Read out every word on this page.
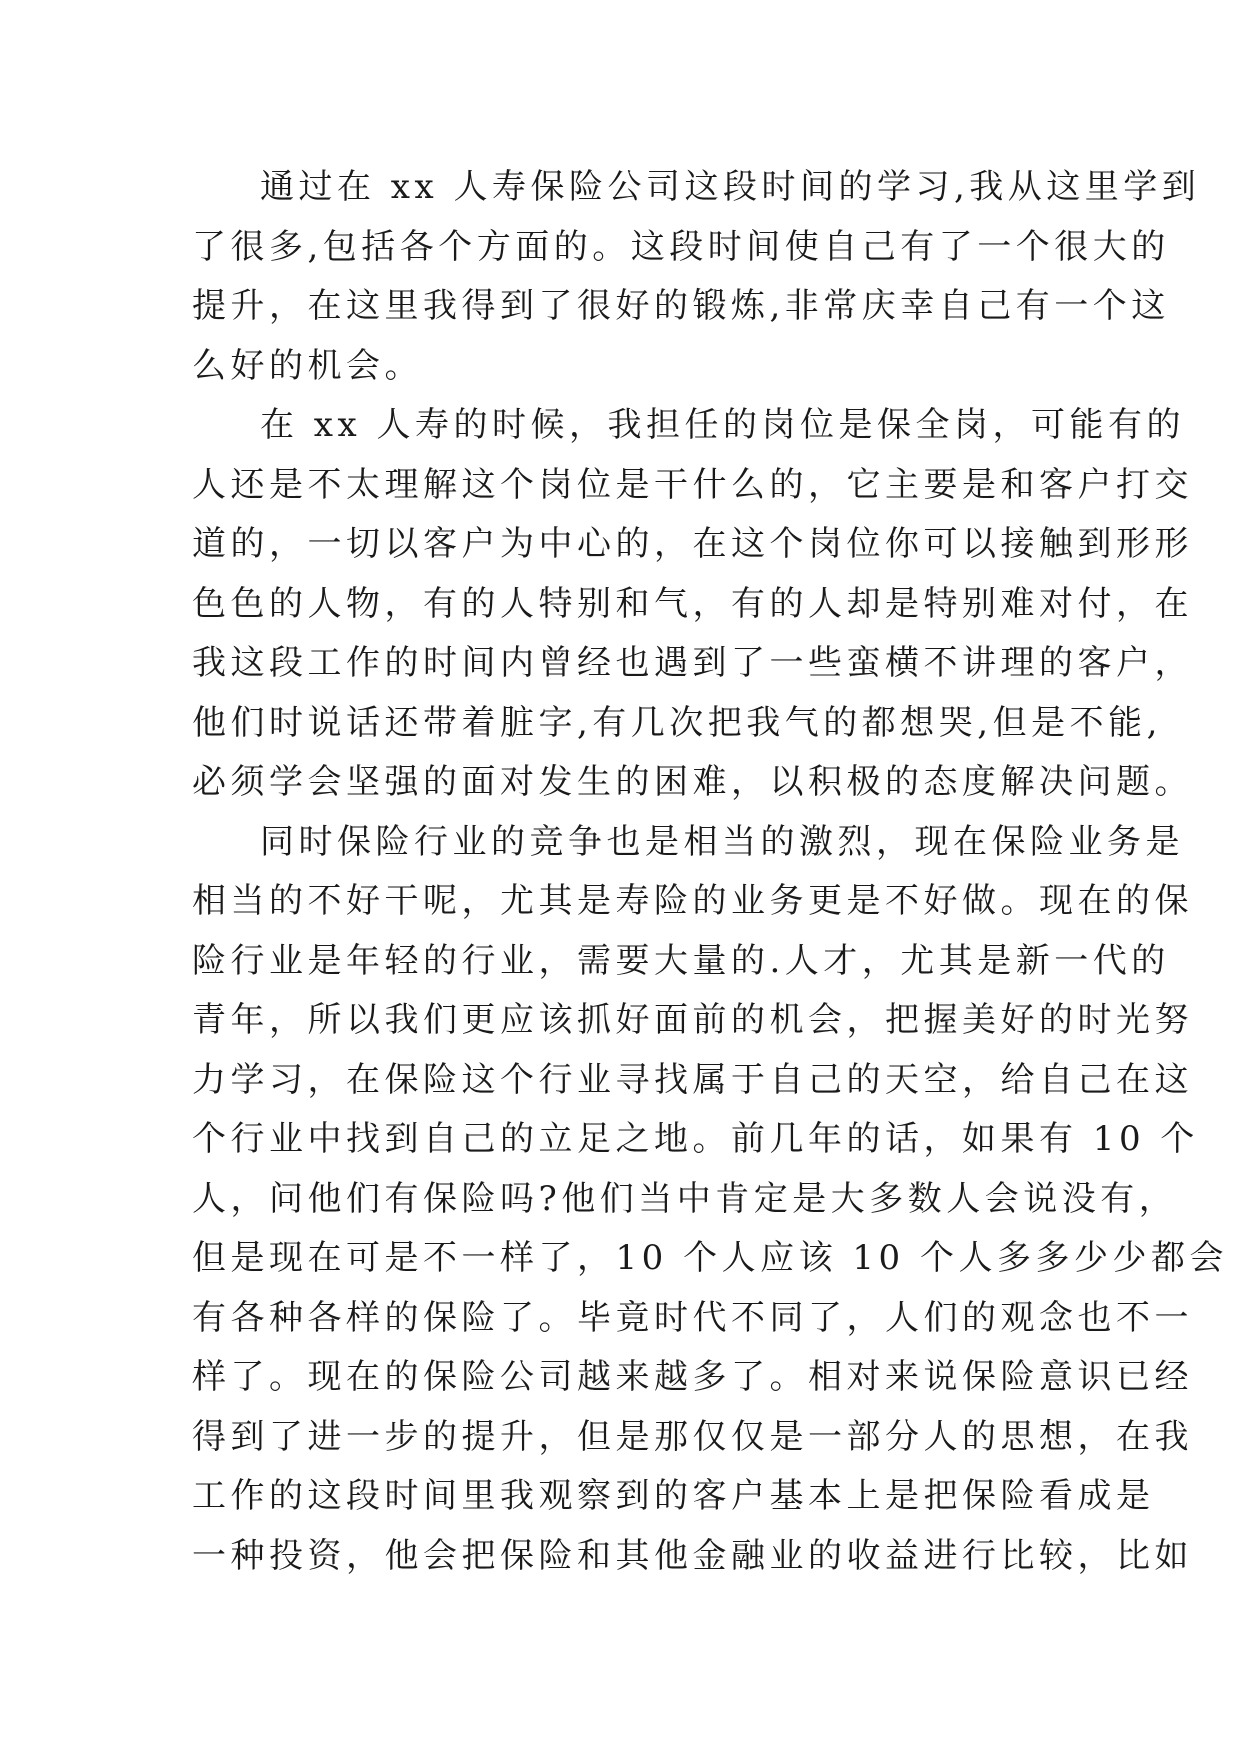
通过在 xx 人寿保险公司这段时间的学习,我从这里学到
了很多,包括各个方面的。这段时间使自己有了一个很大的
提升，在这里我得到了很好的锻炼,非常庆幸自己有一个这
么好的机会。

在 xx 人寿的时候，我担任的岗位是保全岗，可能有的
人还是不太理解这个岗位是干什么的，它主要是和客户打交
道的，一切以客户为中心的，在这个岗位你可以接触到形形
色色的人物，有的人特别和气，有的人却是特别难对付，在
我这段工作的时间内曾经也遇到了一些蛮横不讲理的客户，
他们时说话还带着脏字,有几次把我气的都想哭,但是不能,
必须学会坚强的面对发生的困难，以积极的态度解决问题。

同时保险行业的竞争也是相当的激烈，现在保险业务是
相当的不好干呢，尤其是寿险的业务更是不好做。现在的保
险行业是年轻的行业，需要大量的.人才，尤其是新一代的
青年，所以我们更应该抓好面前的机会，把握美好的时光努
力学习，在保险这个行业寻找属于自己的天空，给自己在这
个行业中找到自己的立足之地。前几年的话，如果有 10 个
人，问他们有保险吗?他们当中肯定是大多数人会说没有，
但是现在可是不一样了，10 个人应该 10 个人多多少少都会
有各种各样的保险了。毕竟时代不同了，人们的观念也不一
样了。现在的保险公司越来越多了。相对来说保险意识已经
得到了进一步的提升，但是那仅仅是一部分人的思想，在我
工作的这段时间里我观察到的客户基本上是把保险看成是
一种投资，他会把保险和其他金融业的收益进行比较，比如
